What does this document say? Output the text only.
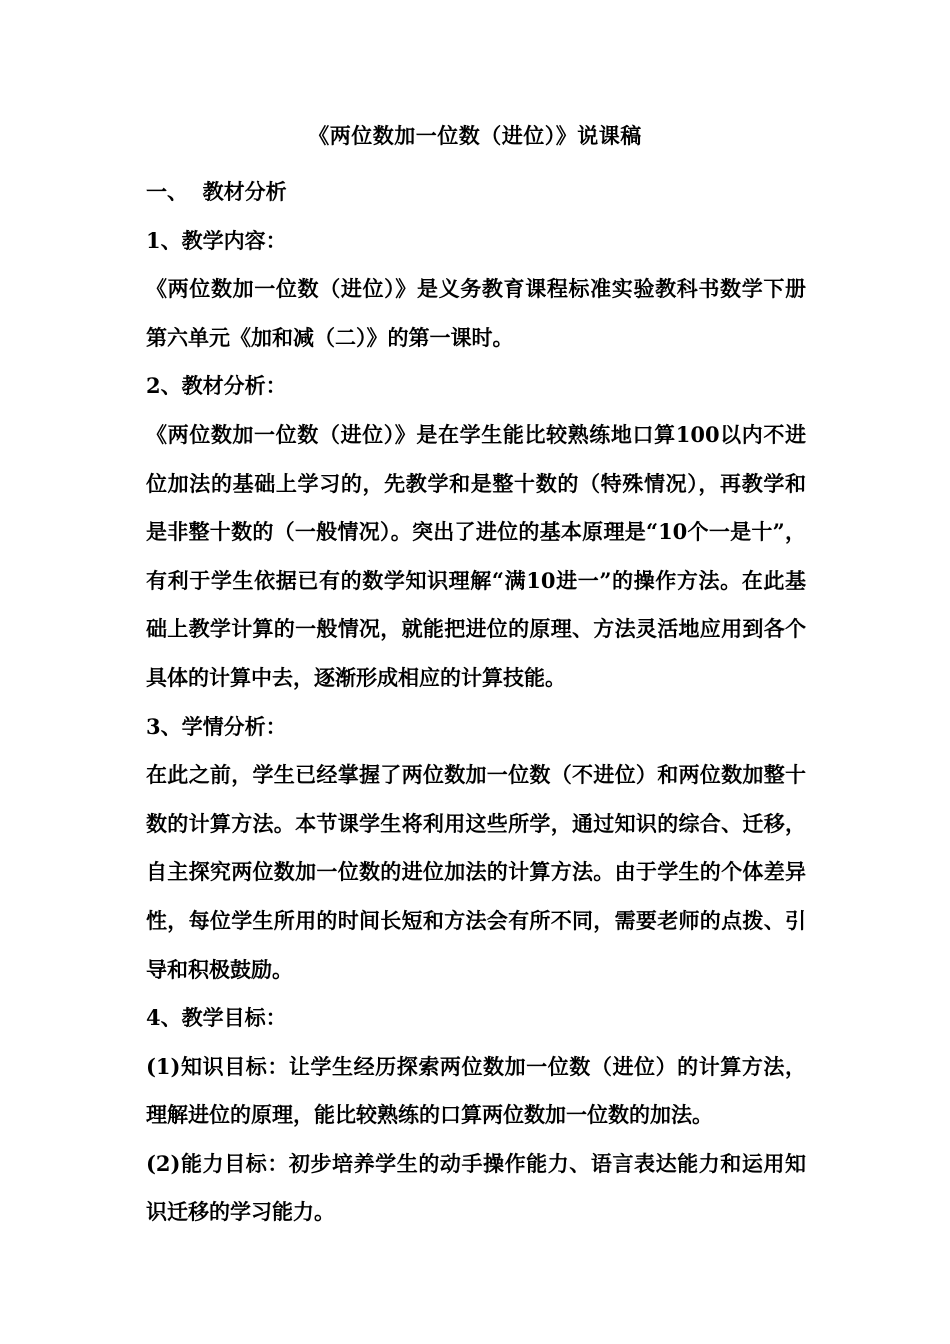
《两位数加一位数（进位）》说课稿

一、  教材分析

1、教学内容：

《两位数加一位数（进位）》是义务教育课程标准实验教科书数学下册第六单元《加和减（二）》的第一课时。

2、教材分析：

《两位数加一位数（进位）》是在学生能比较熟练地口算100以内不进位加法的基础上学习的，先教学和是整十数的（特殊情况），再教学和是非整十数的（一般情况）。突出了进位的基本原理是“10个一是十”，有利于学生依据已有的数学知识理解“满10进一”的操作方法。在此基础上教学计算的一般情况，就能把进位的原理、方法灵活地应用到各个具体的计算中去，逐渐形成相应的计算技能。

3、学情分析：

在此之前，学生已经掌握了两位数加一位数（不进位）和两位数加整十数的计算方法。本节课学生将利用这些所学，通过知识的综合、迁移，自主探究两位数加一位数的进位加法的计算方法。由于学生的个体差异性，每位学生所用的时间长短和方法会有所不同，需要老师的点拨、引导和积极鼓励。

4、教学目标：

(1)知识目标：让学生经历探索两位数加一位数（进位）的计算方法，理解进位的原理，能比较熟练的口算两位数加一位数的加法。

(2)能力目标：初步培养学生的动手操作能力、语言表达能力和运用知识迁移的学习能力。
